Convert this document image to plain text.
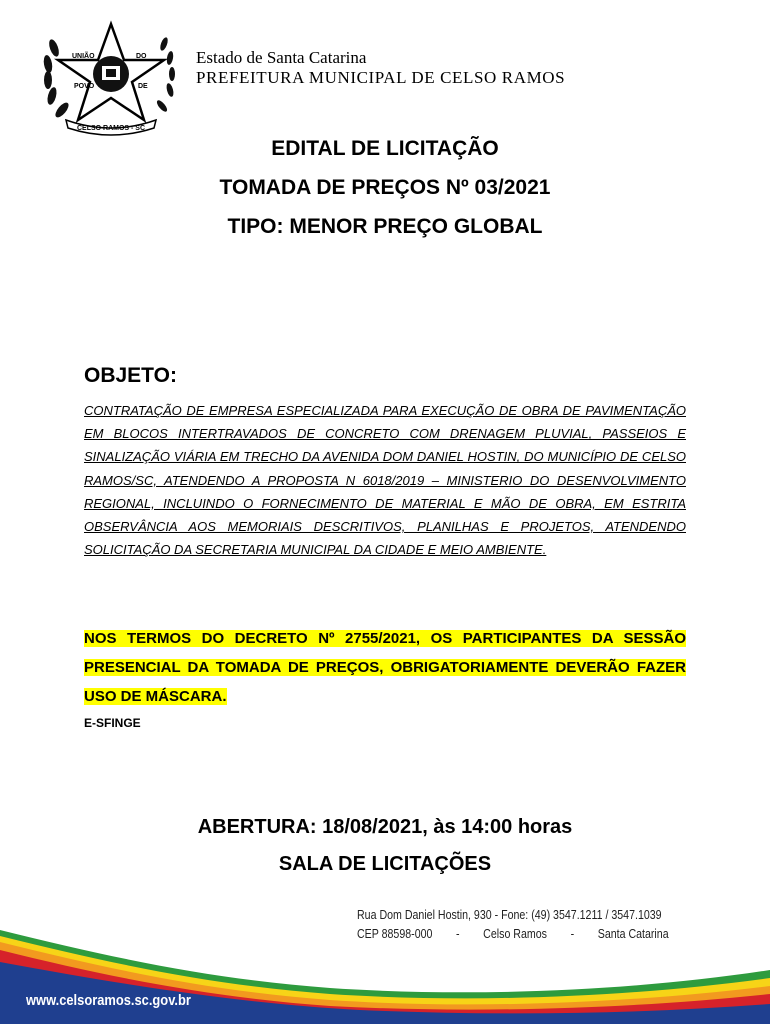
UNIÃO	DO
POVO	DE
CELSO RAMOS - SC
Estado de Santa Catarina
PREFEITURA MUNICIPAL DE CELSO RAMOS
EDITAL DE LICITAÇÃO
TOMADA DE PREÇOS Nº 03/2021
TIPO: MENOR PREÇO GLOBAL
OBJETO:
CONTRATAÇÃO DE EMPRESA ESPECIALIZADA PARA EXECUÇÃO DE OBRA DE PAVIMENTAÇÃO EM BLOCOS INTERTRAVADOS DE CONCRETO COM DRENAGEM PLUVIAL, PASSEIOS E SINALIZAÇÃO VIÁRIA EM TRECHO DA AVENIDA DOM DANIEL HOSTIN, DO MUNICÍPIO DE CELSO RAMOS/SC, ATENDENDO A PROPOSTA N 6018/2019 – MINISTERIO DO DESENVOLVIMENTO REGIONAL, INCLUINDO O FORNECIMENTO DE MATERIAL E MÃO DE OBRA, EM ESTRITA OBSERVÂNCIA AOS MEMORIAIS DESCRITIVOS, PLANILHAS E PROJETOS, ATENDENDO SOLICITAÇÃO DA SECRETARIA MUNICIPAL DA CIDADE E MEIO AMBIENTE.
NOS TERMOS DO DECRETO Nº 2755/2021, OS PARTICIPANTES DA SESSÃO PRESENCIAL DA TOMADA DE PREÇOS, OBRIGATORIAMENTE DEVERÃO FAZER USO DE MÁSCARA.
E-SFINGE
ABERTURA: 18/08/2021, às 14:00 horas
SALA DE LICITAÇÕES
Rua Dom Daniel Hostin, 930 - Fone: (49) 3547.1211 / 3547.1039
CEP 88598-000        -        Celso Ramos        -        Santa Catarina
www.celsoramos.sc.gov.br
